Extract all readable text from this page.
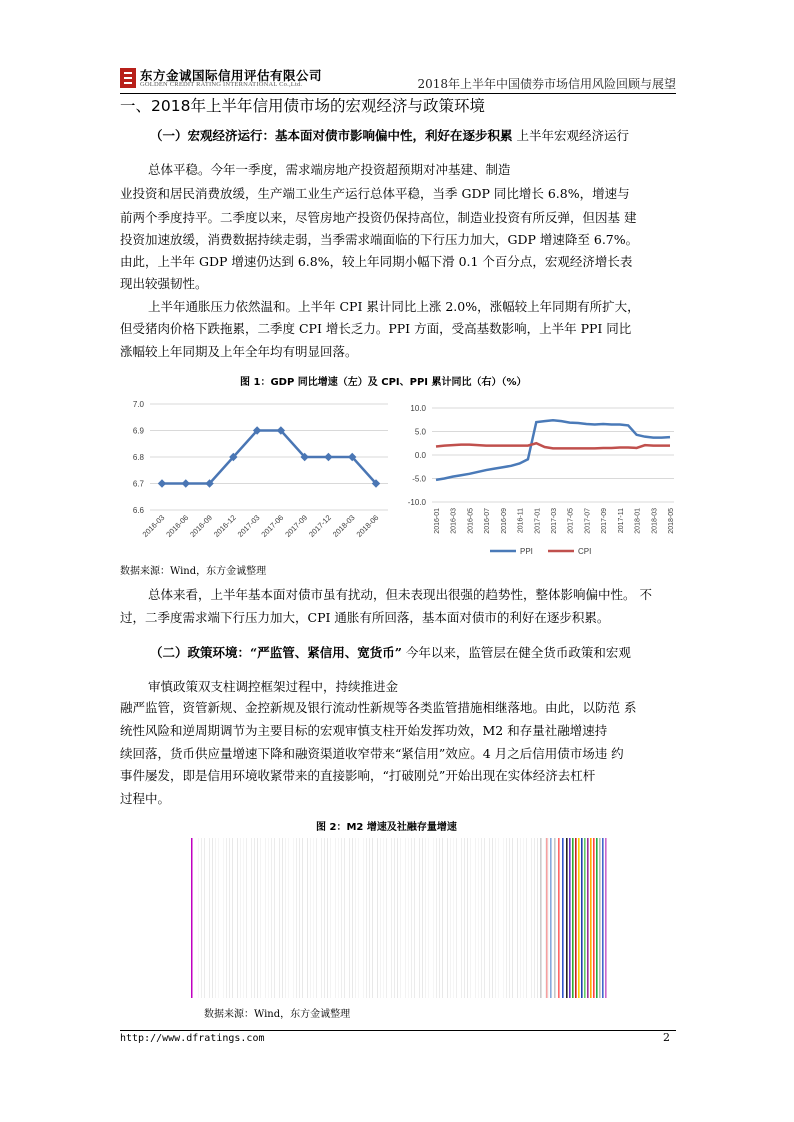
东方金诚国际信用评估有限公司
GOLDEN CREDIT RATING INTERNATIONAL Co.,Ltd.	2018年上半年中国债券市场信用风险回顾与展望
一、2018年上半年信用债市场的宏观经济与政策环境
（一）宏观经济运行：基本面对债市影响偏中性，利好在逐步积累 上半年宏观经济运行
总体平稳。今年一季度，需求端房地产投资超预期对冲基建、制造
业投资和居民消费放缓，生产端工业生产运行总体平稳，当季 GDP 同比增长 6.8%，增速与
前两个季度持平。二季度以来，尽管房地产投资仍保持高位，制造业投资有所反弹，但因基 建
投资加速放缓，消费数据持续走弱，当季需求端面临的下行压力加大，GDP 增速降至 6.7%。
由此，上半年 GDP 增速仍达到 6.8%，较上年同期小幅下滑 0.1 个百分点，宏观经济增长表
现出较强韧性。
上半年通胀压力依然温和。上半年 CPI 累计同比上涨 2.0%，涨幅较上年同期有所扩大，
但受猪肉价格下跌拖累，二季度 CPI 增长乏力。PPI 方面，受高基数影响，上半年 PPI 同比
涨幅较上年同期及上年全年均有明显回落。
图 1：GDP 同比增速（左）及 CPI、PPI 累计同比（右）（%）
6.6
6.7
6.8
6.9
7.0
2016-03
2016-06
2016-09
2016-12
2017-03
2017-06
2017-09
2017-12
2018-03
2018-06
-10.0
-5.0
0.0
5.0
10.0
2016-01 2016-03 2016-05 2016-07 2016-09 2016-11 2017-01 2017-03 2017-05 2017-07 2017-09 2017-11 2018-01 2018-03 2018-05
PPI	CPI
数据来源：Wind，东方金诚整理
总体来看，上半年基本面对债市虽有扰动，但未表现出很强的趋势性，整体影响偏中性。 不
过，二季度需求端下行压力加大，CPI 通胀有所回落，基本面对债市的利好在逐步积累。
（二）政策环境：“严监管、紧信用、宽货币” 今年以来，监管层在健全货币政策和宏观
审慎政策双支柱调控框架过程中，持续推进金
融严监管，资管新规、金控新规及银行流动性新规等各类监管措施相继落地。由此，以防范 系
统性风险和逆周期调节为主要目标的宏观审慎支柱开始发挥功效，M2 和存量社融增速持
续回落，货币供应量增速下降和融资渠道收窄带来“紧信用”效应。4 月之后信用债市场违 约
事件屡发，即是信用环境收紧带来的直接影响，“打破刚兑”开始出现在实体经济去杠杆
过程中。
图 2：M2 增速及社融存量增速
数据来源：Wind，东方金诚整理
http://www.dfratings.com	2
